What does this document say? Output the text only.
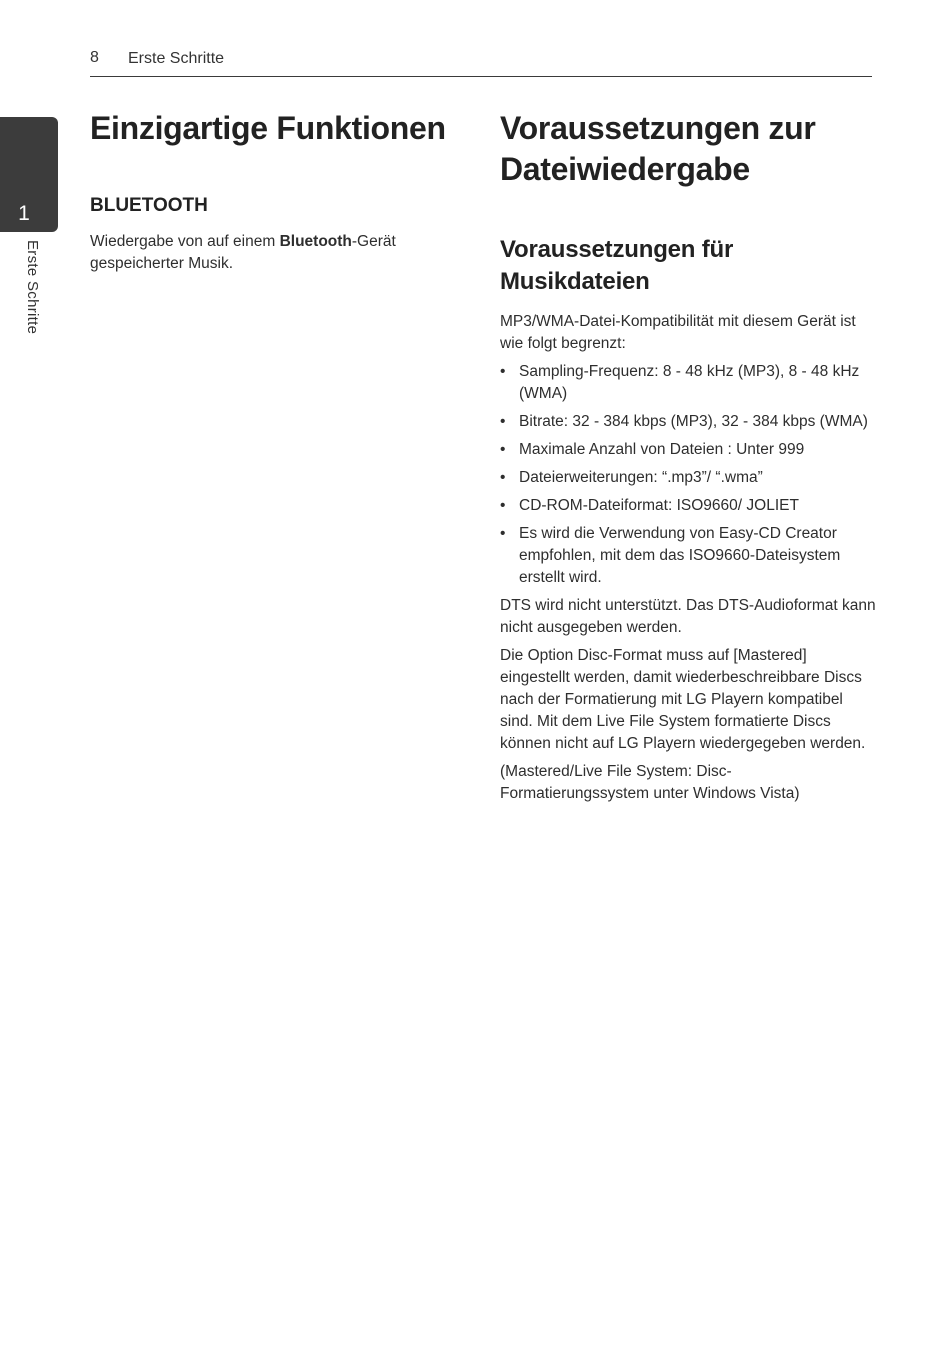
8 Erste Schritte
1
Erste Schritte
Einzigartige Funktionen
BLUETOOTH

Wiedergabe von auf einem Bluetooth-Gerät gespeicherter Musik.

Voraussetzungen zur Dateiwiedergabe
Voraussetzungen für Musikdateien

MP3/WMA-Datei-Kompatibilität mit diesem Gerät ist wie folgt begrenzt:

• Sampling-Frequenz: 8 - 48 kHz (MP3), 8 - 48 kHz (WMA)
• Bitrate: 32 - 384 kbps (MP3), 32 - 384 kbps (WMA)
• Maximale Anzahl von Dateien : Unter 999
• Dateierweiterungen: “.mp3”/ “.wma”
• CD-ROM-Dateiformat: ISO9660/ JOLIET
• Es wird die Verwendung von Easy-CD Creator empfohlen, mit dem das ISO9660-Dateisystem erstellt wird.

DTS wird nicht unterstützt. Das DTS-Audioformat kann nicht ausgegeben werden.

Die Option Disc-Format muss auf [Mastered] eingestellt werden, damit wiederbeschreibbare Discs nach der Formatierung mit LG Playern kompatibel sind. Mit dem Live File System formatierte Discs können nicht auf LG Playern wiedergegeben werden.

(Mastered/Live File System: Disc-Formatierungssystem unter Windows Vista)
